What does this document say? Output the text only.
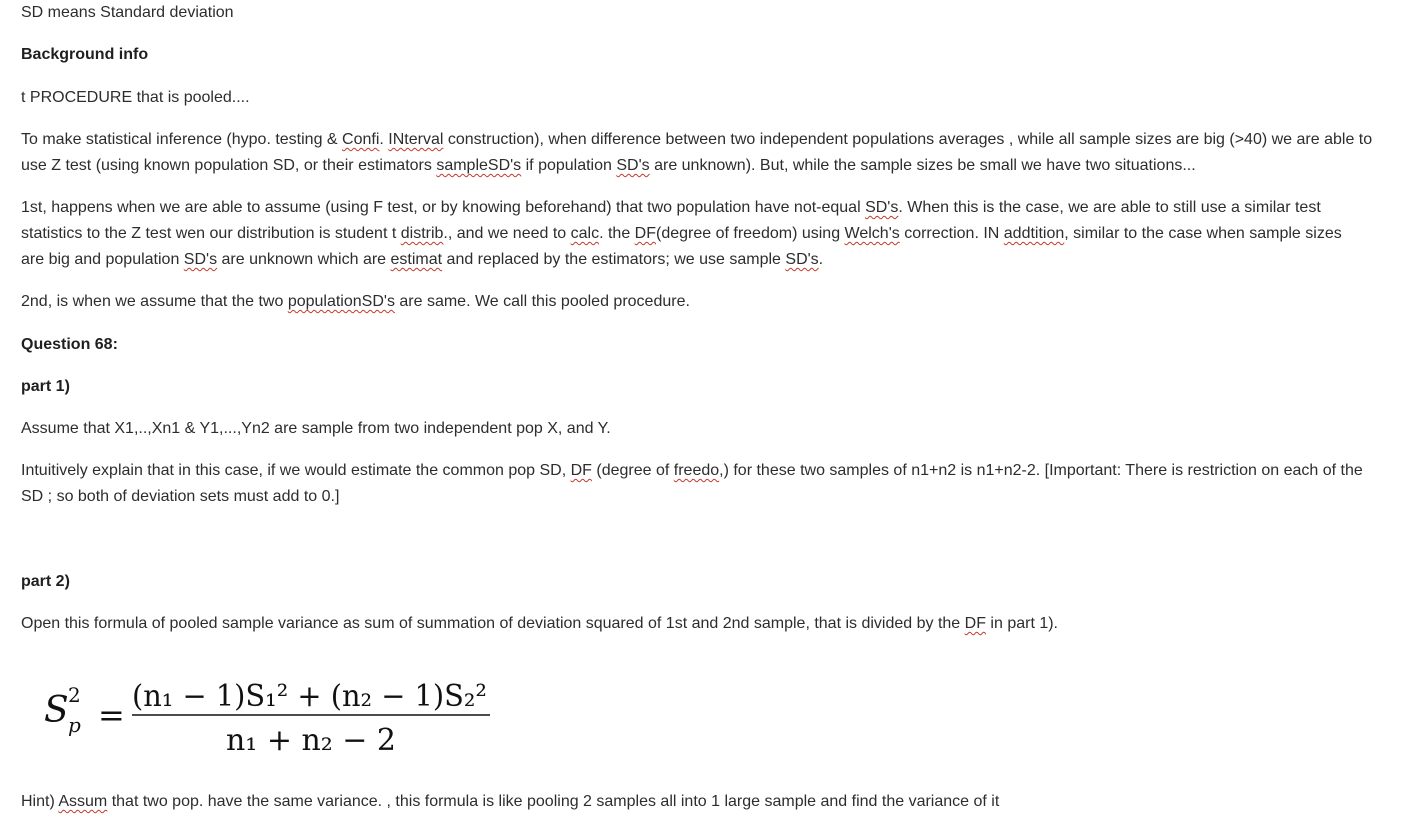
SD means Standard deviation
Background info
t PROCEDURE that is pooled....
To make statistical inference (hypo. testing & Confi. INterval construction), when difference between two independent populations averages , while all sample sizes are big (>40) we are able to
use Z test (using known population SD, or their estimators sampleSD's if population SD's are unknown). But, while the sample sizes be small we have two situations...
1st, happens when we are able to assume (using F test, or by knowing beforehand) that two population have not-equal SD's. When this is the case, we are able to still use a similar test
statistics to the Z test wen our distribution is student t distrib., and we need to calc. the DF(degree of freedom) using Welch's correction. IN addtition, similar to the case when sample sizes
are big and population SD's are unknown which are estimat and replaced by the estimators; we use sample SD's.
2nd, is when we assume that the two populationSD's are same. We call this pooled procedure.
Question 68:
part 1)
Assume that X1,..,Xn1 & Y1,...,Yn2 are sample from two independent pop X, and Y.
Intuitively explain that in this case, if we would estimate the common pop SD, DF (degree of freedo,) for these two samples of n1+n2 is n1+n2-2. [Important: There is restriction on each of the
SD ; so both of deviation sets must add to 0.]
part 2)
Open this formula of pooled sample variance as sum of summation of deviation squared of 1st and 2nd sample, that is divided by the DF in part 1).
S 2
p = (n₁ − 1)S₁² + (n₂ − 1)S₂²
n₁ + n₂ − 2
Hint) Assum that two pop. have the same variance. , this formula is like pooling 2 samples all into 1 large sample and find the variance of it
